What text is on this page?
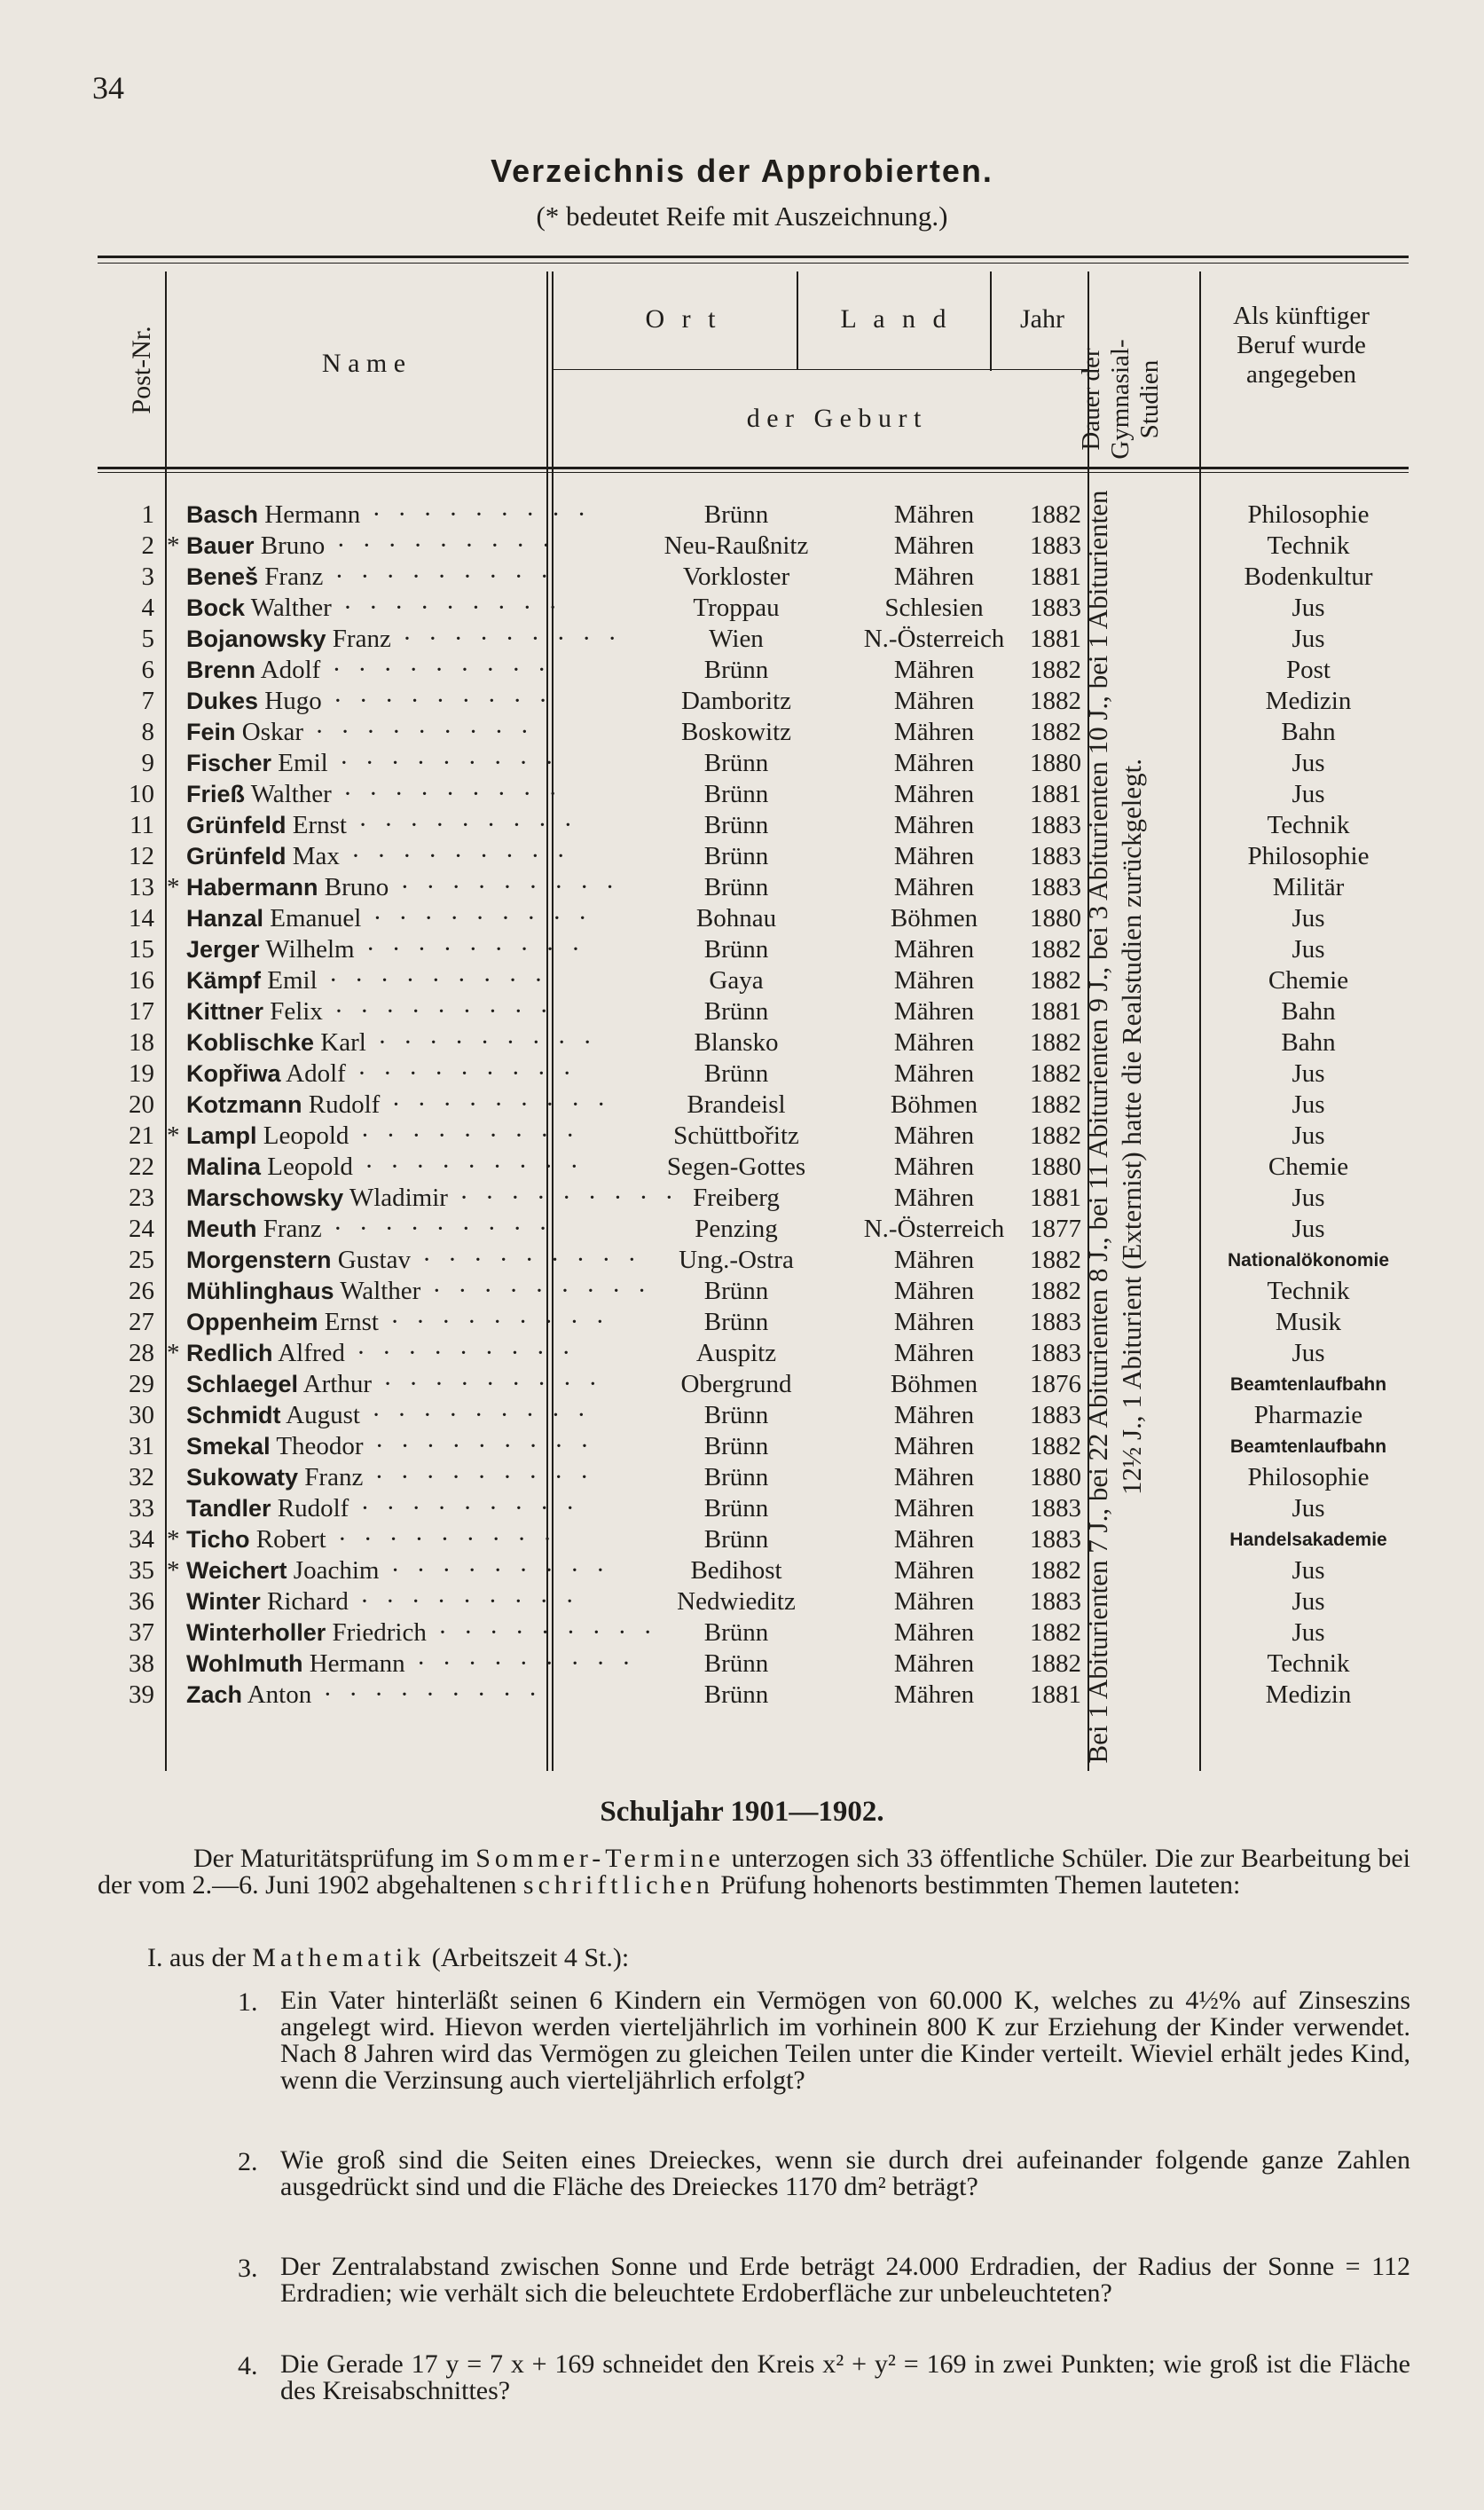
34
Verzeichnis der Approbierten.
(* bedeutet Reife mit Auszeichnung.)
Post-Nr.	N a m e
O r t	L a n d	Jahr
d e r   G e b u r t	Dauer der Gymnasial-Studien
Als künftiger Beruf wurde angegeben
1 Basch Hermann · · · · · · · · ·	Brünn	Mähren	1882	Philosophie
2 * Bauer Bruno · · · · · · · · ·	Neu-Raußnitz	Mähren	1883	Technik
3 Beneš Franz · · · · · · · · ·	Vorkloster	Mähren	1881	Bodenkultur
4 Bock Walther · · · · · · · · ·	Troppau	Schlesien	1883	Jus
5 Bojanowsky Franz · · · · · · · · ·	Wien	N.-Österreich 1881	Jus
6 Brenn Adolf · · · · · · · · ·	Brünn	Mähren	1882	Post
7 Dukes Hugo · · · · · · · · ·	Damboritz	Mähren	1882	Medizin
8 Fein Oskar · · · · · · · · ·	Boskowitz	Mähren	1882	Bahn
9 Fischer Emil · · · · · · · · ·	Brünn	Mähren	1880	Jus
10 Frieß Walther · · · · · · · · ·	Brünn	Mähren	1881	Jus
11 Grünfeld Ernst · · · · · · · · ·	Brünn	Mähren	1883	Technik
12 Grünfeld Max · · · · · · · · ·	Brünn	Mähren	1883	Philosophie
13 * Habermann Bruno · · · · · · · · ·	Brünn	Mähren	1883	Militär
14 Hanzal Emanuel · · · · · · · · ·	Bohnau	Böhmen	1880	Jus
15 Jerger Wilhelm · · · · · · · · ·	Brünn	Mähren	1882	Jus
16 Kämpf Emil · · · · · · · · ·	Gaya	Mähren	1882	Chemie
17 Kittner Felix · · · · · · · · ·	Brünn	Mähren	1881	Bahn
18 Koblischke Karl · · · · · · · · ·	Blansko	Mähren	1882	Bahn
19 Kopřiwa Adolf · · · · · · · · ·	Brünn	Mähren	1882	Jus
20 Kotzmann Rudolf · · · · · · · · ·	Brandeisl	Böhmen	1882	Jus
21 * Lampl Leopold · · · · · · · · ·	Schüttbořitz	Mähren	1882	Jus
22 Malina Leopold · · · · · · · · ·	Segen-Gottes	Mähren	1880	Chemie
23 Marschowsky Wladimir · · · · · · · · · Freiberg	Mähren	1881	Jus
24 Meuth Franz · · · · · · · · ·	Penzing	N.-Österreich 1877	Jus
25 Morgenstern Gustav · · · · · · · · ·	Ung.-Ostra	Mähren	1882	Nationalökonomie
26 Mühlinghaus Walther · · · · · · · · ·	Brünn	Mähren	1882	Technik
27 Oppenheim Ernst · · · · · · · · ·	Brünn	Mähren	1883	Musik
28 * Redlich Alfred · · · · · · · · ·	Auspitz	Mähren	1883	Jus
29 Schlaegel Arthur · · · · · · · · ·	Obergrund	Böhmen	1876	Beamtenlaufbahn
30 Schmidt August · · · · · · · · ·	Brünn	Mähren	1883	Pharmazie
31 Smekal Theodor · · · · · · · · ·	Brünn	Mähren	1882	Beamtenlaufbahn
32 Sukowaty Franz · · · · · · · · ·	Brünn	Mähren	1880	Philosophie
33 Tandler Rudolf · · · · · · · · ·	Brünn	Mähren	1883	Jus
34 * Ticho Robert · · · · · · · · ·	Brünn	Mähren	1883	Handelsakademie
35 * Weichert Joachim · · · · · · · · ·	Bedihost	Mähren	1882	Jus
36 Winter Richard · · · · · · · · ·	Nedwieditz	Mähren	1883	Jus
37 Winterholler Friedrich · · · · · · · · ·	Brünn	Mähren	1882	Jus
38 Wohlmuth Hermann · · · · · · · · ·	Brünn	Mähren	1882	Technik
39 Zach Anton · · · · · · · · ·	Brünn	Mähren	1881	Medizin
Bei 1 Abiturienten 7 J., bei 22 Abiturienten 8 J., bei 11 Abiturienten 9 J., bei 3 Abiturienten 10 J., bei 1 Abiturienten 12½ J., 1 Abiturient (Externist) hatte die Realstudien zurückgelegt.
Schuljahr 1901—1902.
Der Maturitätsprüfung im Sommer-Termine unterzogen sich 33 öffentliche Schüler. Die zur Bearbeitung bei der vom 2.—6. Juni 1902 abgehaltenen schriftlichen Prüfung hohenorts bestimmten Themen lauteten:
I. aus der Mathematik (Arbeitszeit 4 St.):
1. Ein Vater hinterläßt seinen 6 Kindern ein Vermögen von 60.000 K, welches zu 4½% auf Zinseszins angelegt wird. Hievon werden vierteljährlich im vorhinein 800 K zur Erziehung der Kinder verwendet. Nach 8 Jahren wird das Vermögen zu gleichen Teilen unter die Kinder verteilt. Wieviel erhält jedes Kind, wenn die Verzinsung auch vierteljährlich erfolgt?
2. Wie groß sind die Seiten eines Dreieckes, wenn sie durch drei aufeinander folgende ganze Zahlen ausgedrückt sind und die Fläche des Dreieckes 1170 dm² beträgt?
3. Der Zentralabstand zwischen Sonne und Erde beträgt 24.000 Erdradien, der Radius der Sonne = 112 Erdradien; wie verhält sich die beleuchtete Erdoberfläche zur unbeleuchteten?
4. Die Gerade 17 y = 7 x + 169 schneidet den Kreis x² + y² = 169 in zwei Punkten; wie groß ist die Fläche des Kreisabschnittes?
